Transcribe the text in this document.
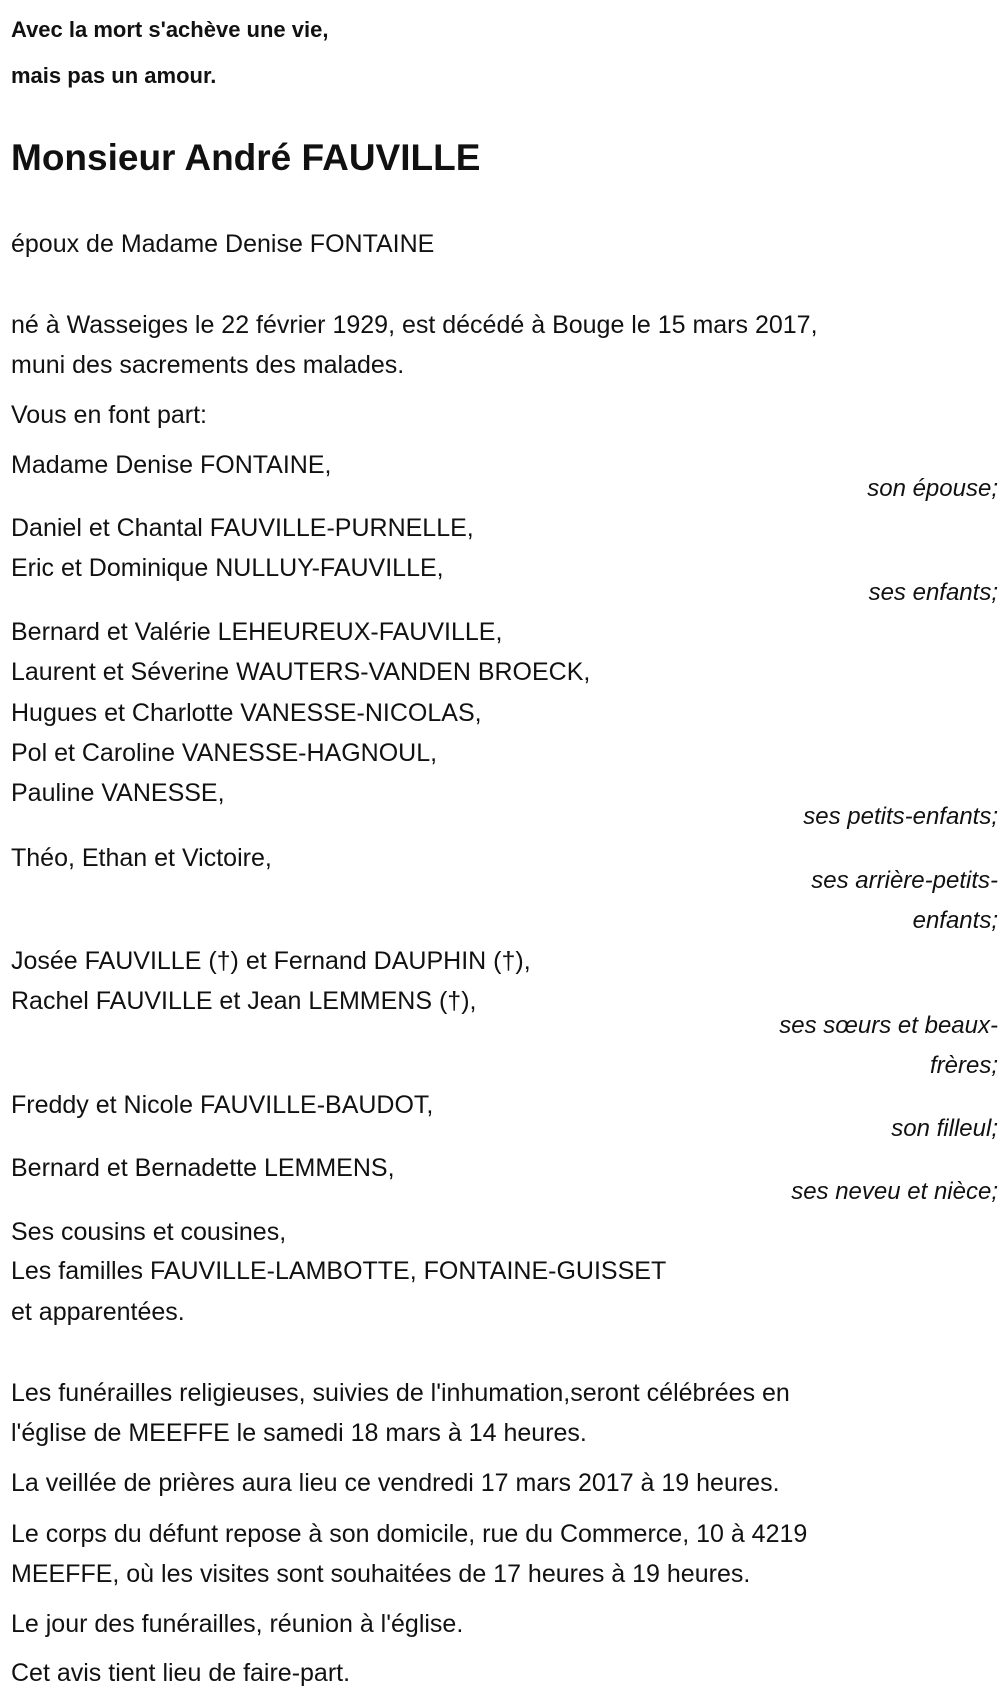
Avec la mort s'achève une vie,
mais pas un amour.
Monsieur André FAUVILLE
époux de Madame Denise FONTAINE
né à Wasseiges le 22 février 1929, est décédé à Bouge le 15 mars 2017,
muni des sacrements des malades.
Vous en font part:
Madame Denise FONTAINE,
son épouse;
Daniel et Chantal FAUVILLE-PURNELLE,
Eric et Dominique NULLUY-FAUVILLE,
ses enfants;
Bernard et Valérie LEHEUREUX-FAUVILLE,
Laurent et Séverine WAUTERS-VANDEN BROECK,
Hugues et Charlotte VANESSE-NICOLAS,
Pol et Caroline VANESSE-HAGNOUL,
Pauline VANESSE,
ses petits-enfants;
Théo, Ethan et Victoire,
ses arrière-petits-enfants;
Josée FAUVILLE (†) et Fernand DAUPHIN (†),
Rachel FAUVILLE et Jean LEMMENS (†),
ses sœurs et beaux-frères;
Freddy et Nicole FAUVILLE-BAUDOT,
son filleul;
Bernard et Bernadette LEMMENS,
ses neveu et nièce;
Ses cousins et cousines,
Les familles FAUVILLE-LAMBOTTE, FONTAINE-GUISSET
et apparentées.
Les funérailles religieuses, suivies de l'inhumation,seront célébrées en
l'église de MEEFFE le samedi 18 mars à 14 heures.
La veillée de prières aura lieu ce vendredi 17 mars 2017 à 19 heures.
Le corps du défunt repose à son domicile, rue du Commerce, 10 à 4219
MEEFFE, où les visites sont souhaitées de 17 heures à 19 heures.
Le jour des funérailles, réunion à l'église.
Cet avis tient lieu de faire-part.
